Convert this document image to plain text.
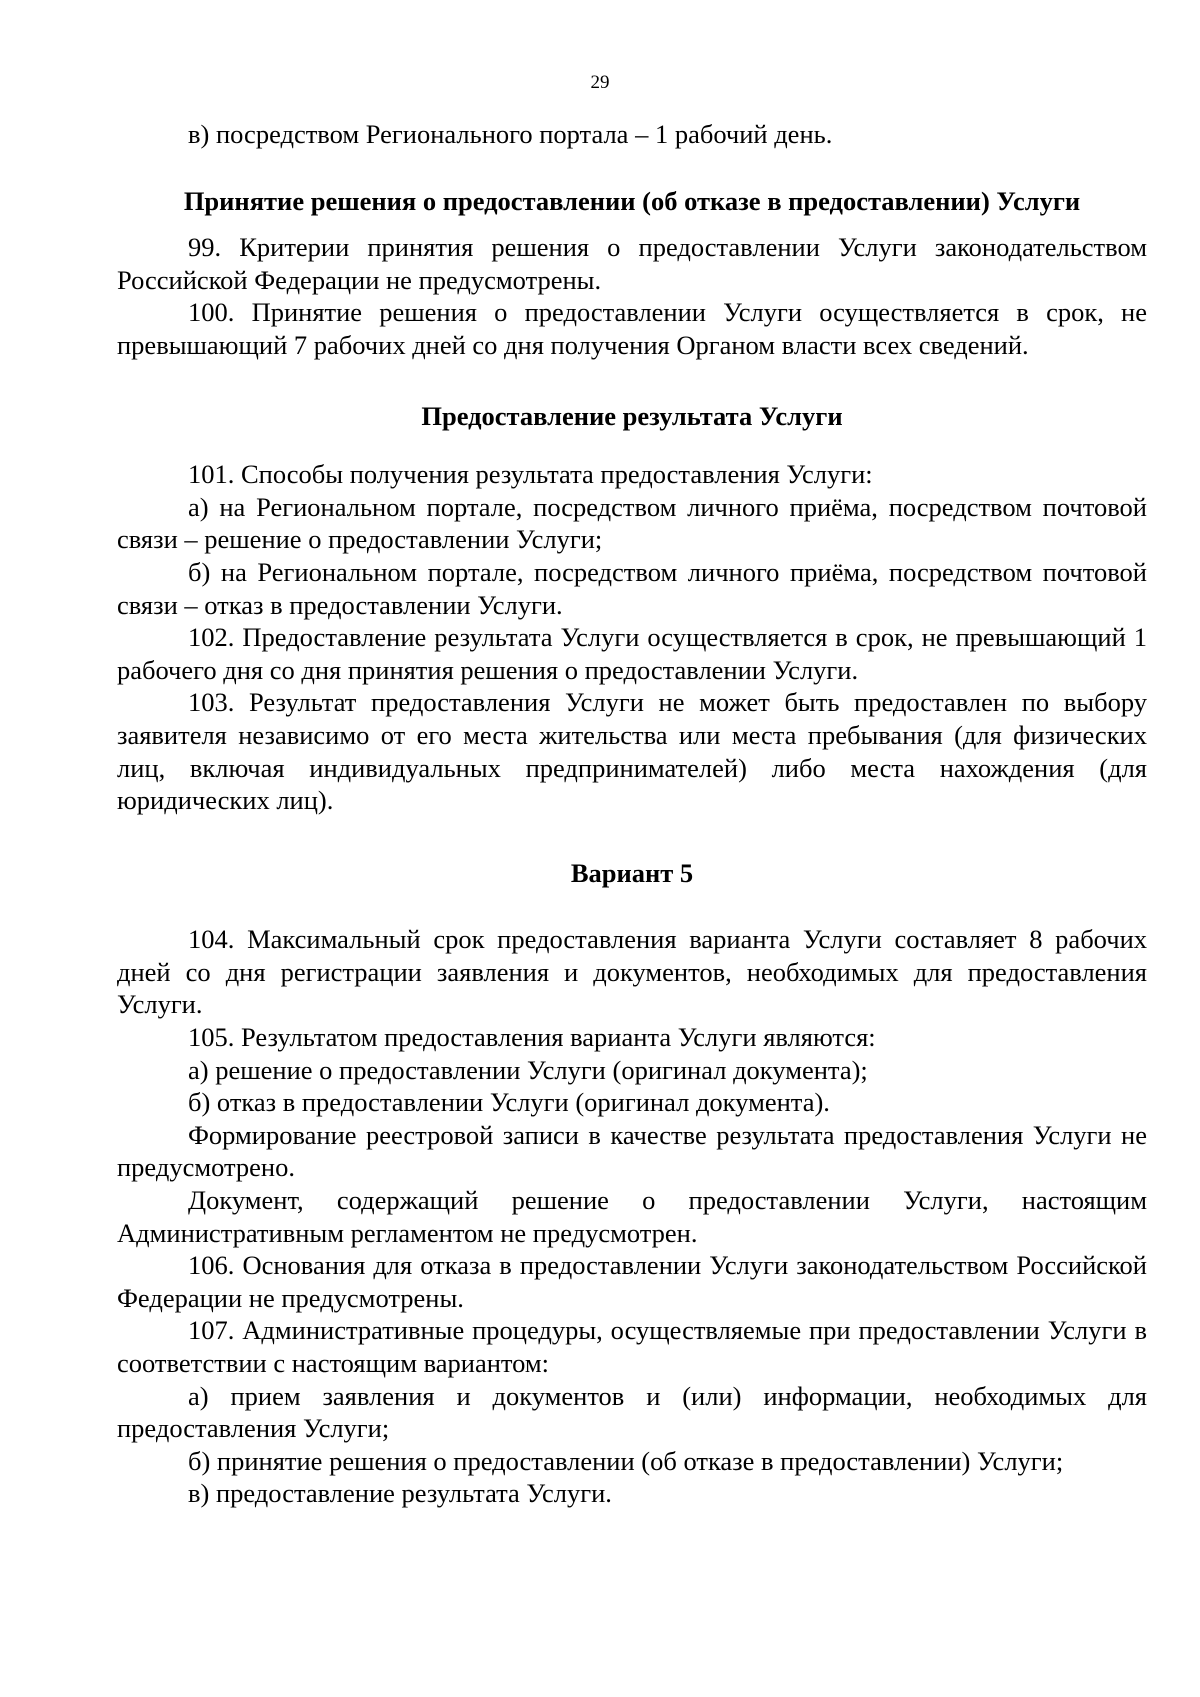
29

в) посредством Регионального портала – 1 рабочий день.

Принятие решения о предоставлении (об отказе в предоставлении) Услуги

99. Критерии принятия решения о предоставлении Услуги законодательством Российской Федерации не предусмотрены.

100. Принятие решения о предоставлении Услуги осуществляется в срок, не превышающий 7 рабочих дней со дня получения Органом власти всех сведений.

Предоставление результата Услуги

101. Способы получения результата предоставления Услуги:

а) на Региональном портале, посредством личного приёма, посредством почтовой связи – решение о предоставлении Услуги;

б) на Региональном портале, посредством личного приёма, посредством почтовой связи – отказ в предоставлении Услуги.

102. Предоставление результата Услуги осуществляется в срок, не превышающий 1 рабочего дня со дня принятия решения о предоставлении Услуги.

103. Результат предоставления Услуги не может быть предоставлен по выбору заявителя независимо от его места жительства или места пребывания (для физических лиц, включая индивидуальных предпринимателей) либо места нахождения (для юридических лиц).

Вариант 5

104. Максимальный срок предоставления варианта Услуги составляет 8 рабочих дней со дня регистрации заявления и документов, необходимых для предоставления Услуги.

105. Результатом предоставления варианта Услуги являются:

а) решение о предоставлении Услуги (оригинал документа);

б) отказ в предоставлении Услуги (оригинал документа).

Формирование реестровой записи в качестве результата предоставления Услуги не предусмотрено.

Документ, содержащий решение о предоставлении Услуги, настоящим Административным регламентом не предусмотрен.

106. Основания для отказа в предоставлении Услуги законодательством Российской Федерации не предусмотрены.

107. Административные процедуры, осуществляемые при предоставлении Услуги в соответствии с настоящим вариантом:

а) прием заявления и документов и (или) информации, необходимых для предоставления Услуги;

б) принятие решения о предоставлении (об отказе в предоставлении) Услуги;

в) предоставление результата Услуги.
